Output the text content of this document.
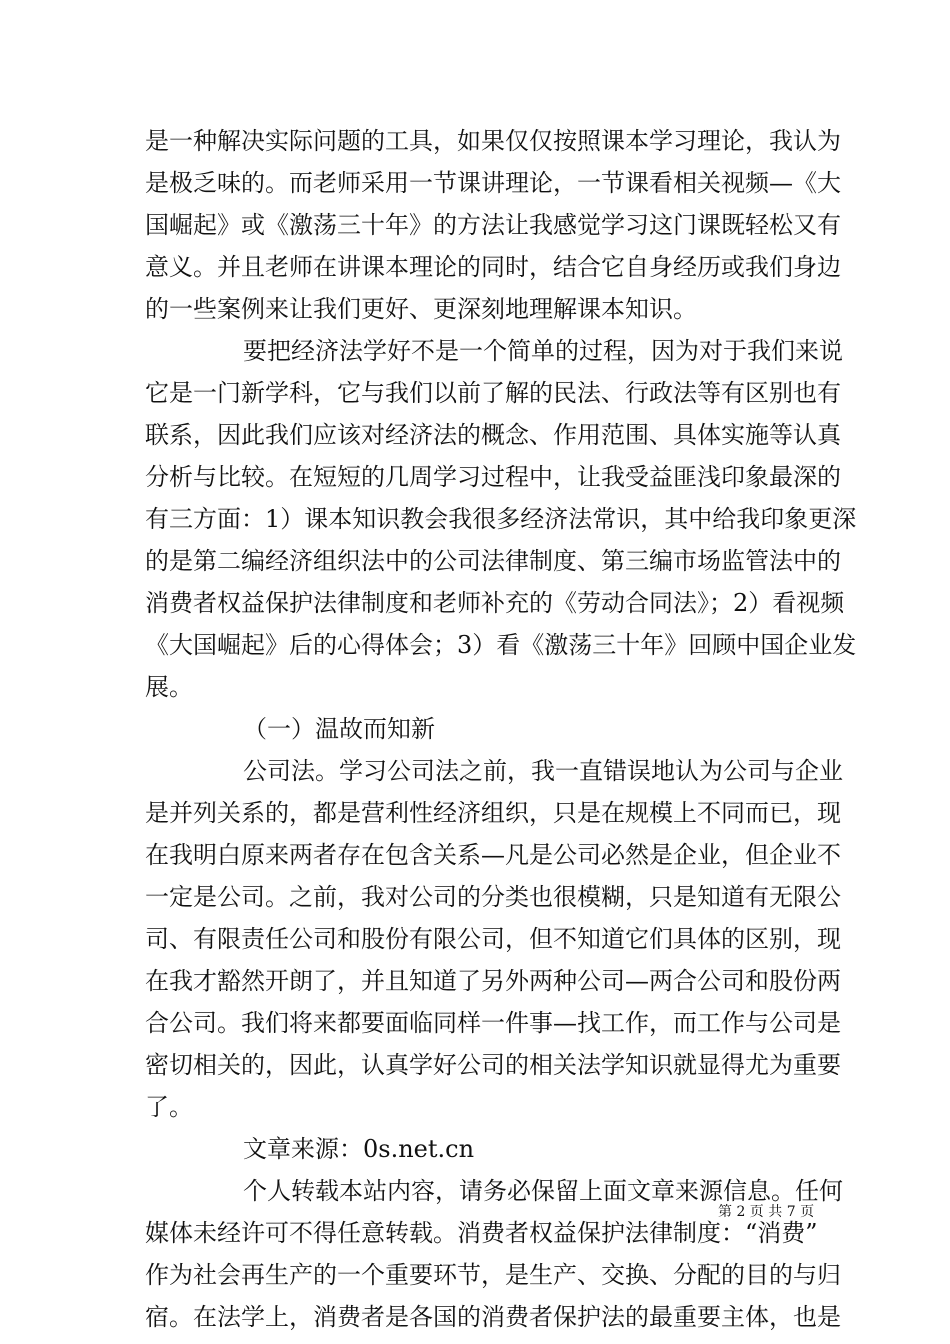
是一种解决实际问题的工具，如果仅仅按照课本学习理论，我认为
是极乏味的。而老师采用一节课讲理论，一节课看相关视频—《大
国崛起》或《激荡三十年》的方法让我感觉学习这门课既轻松又有
意义。并且老师在讲课本理论的同时，结合它自身经历或我们身边
的一些案例来让我们更好、更深刻地理解课本知识。
要把经济法学好不是一个简单的过程，因为对于我们来说
它是一门新学科，它与我们以前了解的民法、行政法等有区别也有
联系，因此我们应该对经济法的概念、作用范围、具体实施等认真
分析与比较。在短短的几周学习过程中，让我受益匪浅印象最深的
有三方面：1）课本知识教会我很多经济法常识，其中给我印象更深
的是第二编经济组织法中的公司法律制度、第三编市场监管法中的
消费者权益保护法律制度和老师补充的《劳动合同法》；2）看视频
《大国崛起》后的心得体会；3）看《激荡三十年》回顾中国企业发
展。
（一）温故而知新
公司法。学习公司法之前，我一直错误地认为公司与企业
是并列关系的，都是营利性经济组织，只是在规模上不同而已，现
在我明白原来两者存在包含关系—凡是公司必然是企业，但企业不
一定是公司。之前，我对公司的分类也很模糊，只是知道有无限公
司、有限责任公司和股份有限公司，但不知道它们具体的区别，现
在我才豁然开朗了，并且知道了另外两种公司—两合公司和股份两
合公司。我们将来都要面临同样一件事—找工作，而工作与公司是
密切相关的，因此，认真学好公司的相关法学知识就显得尤为重要
了。
文章来源：0s.net.cn
个人转载本站内容，请务必保留上面文章来源信息。任何
媒体未经许可不得任意转载。消费者权益保护法律制度：“消费”
作为社会再生产的一个重要环节，是生产、交换、分配的目的与归
宿。在法学上，消费者是各国的消费者保护法的最重要主体，也是
第 2 页 共 7 页
